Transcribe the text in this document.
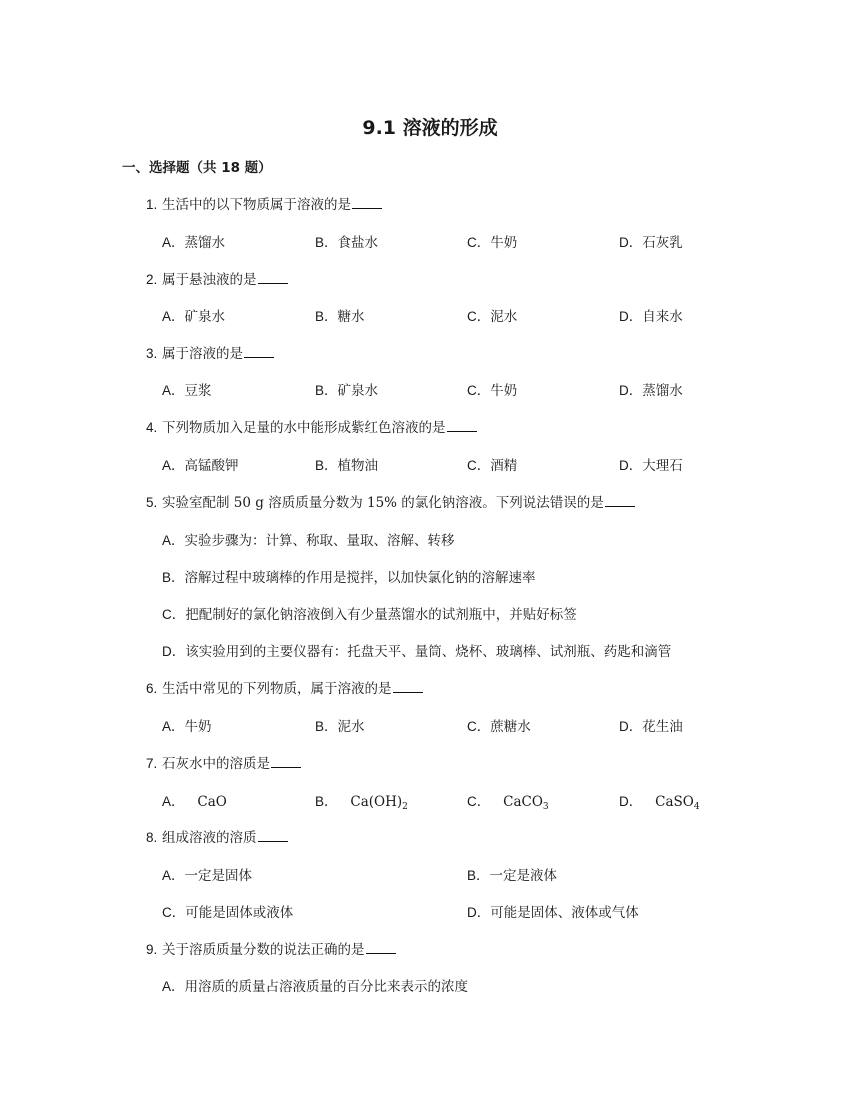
9.1 溶液的形成
一、选择题（共 18 题）
1. 生活中的以下物质属于溶液的是
A．蒸馏水	B．食盐水	C．牛奶	D．石灰乳
2. 属于悬浊液的是
A．矿泉水	B．糖水	C．泥水	D．自来水
3. 属于溶液的是
A．豆浆	B．矿泉水	C．牛奶	D．蒸馏水
4. 下列物质加入足量的水中能形成紫红色溶液的是
A．高锰酸钾	B．植物油	C．酒精	D．大理石
5. 实验室配制 50 g 溶质质量分数为 15% 的氯化钠溶液。下列说法错误的是
A．实验步骤为：计算、称取、量取、溶解、转移
B．溶解过程中玻璃棒的作用是搅拌，以加快氯化钠的溶解速率
C．把配制好的氯化钠溶液倒入有少量蒸馏水的试剂瓶中，并贴好标签
D．该实验用到的主要仪器有：托盘天平、量筒、烧杯、玻璃棒、试剂瓶、药匙和滴管
6. 生活中常见的下列物质，属于溶液的是
A．牛奶	B．泥水	C．蔗糖水	D．花生油
7. 石灰水中的溶质是
A． CaO	B． $Ca(OH)_2$	C． CaCO$_3$	D． CaSO$_4$
8. 组成溶液的溶质
A．一定是固体	B．一定是液体
C．可能是固体或液体	D．可能是固体、液体或气体
9. 关于溶质质量分数的说法正确的是
A．用溶质的质量占溶液质量的百分比来表示的浓度
